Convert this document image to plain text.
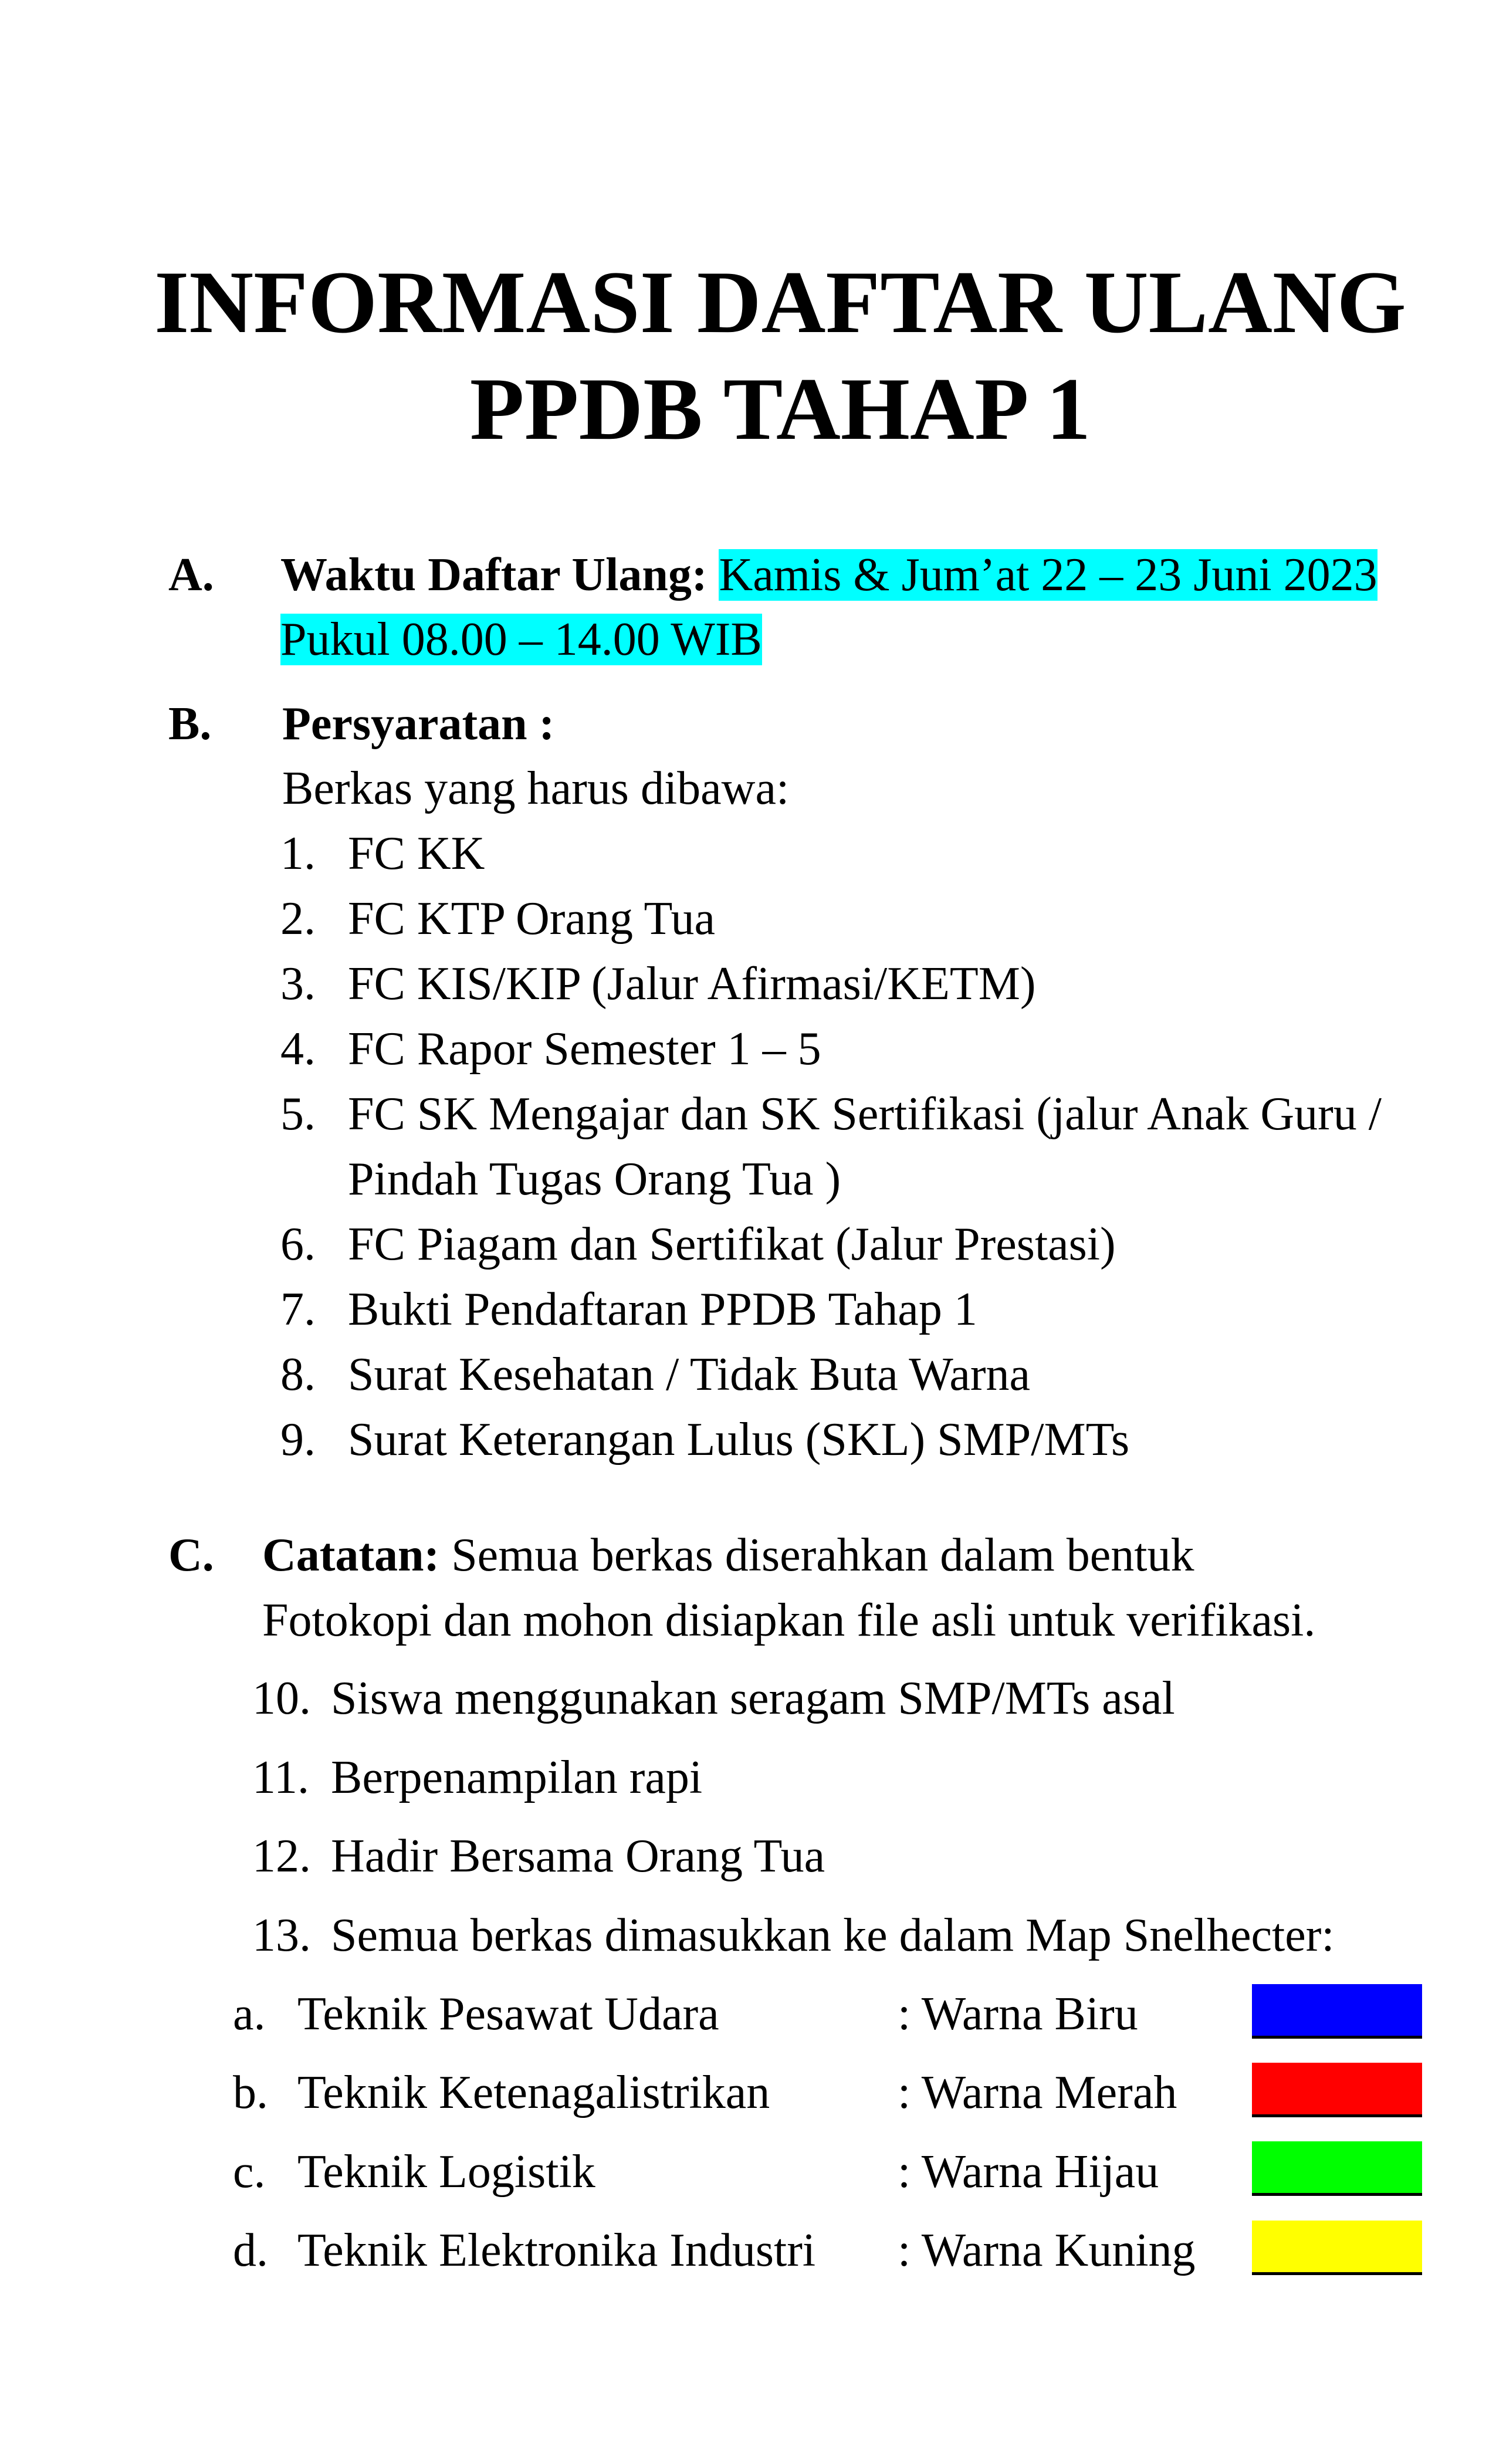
INFORMASI DAFTAR ULANG
PPDB TAHAP 1
A. Waktu Daftar Ulang: Kamis & Jum’at 22 – 23 Juni 2023
Pukul 08.00 – 14.00 WIB
B. Persyaratan :
Berkas yang harus dibawa:
1. FC KK
2. FC KTP Orang Tua
3. FC KIS/KIP (Jalur Afirmasi/KETM)
4. FC Rapor Semester 1 – 5
5. FC SK Mengajar dan SK Sertifikasi (jalur Anak Guru /
Pindah Tugas Orang Tua )
6. FC Piagam dan Sertifikat (Jalur Prestasi)
7. Bukti Pendaftaran PPDB Tahap 1
8. Surat Kesehatan / Tidak Buta Warna
9. Surat Keterangan Lulus (SKL) SMP/MTs
C. Catatan: Semua berkas diserahkan dalam bentuk
Fotokopi dan mohon disiapkan file asli untuk verifikasi.
10. Siswa menggunakan seragam SMP/MTs asal
11. Berpenampilan rapi
12. Hadir Bersama Orang Tua
13. Semua berkas dimasukkan ke dalam Map Snelhecter:
a. Teknik Pesawat Udara	: Warna Biru
b. Teknik Ketenagalistrikan	: Warna Merah
c. Teknik Logistik	: Warna Hijau
d. Teknik Elektronika Industri : Warna Kuning
